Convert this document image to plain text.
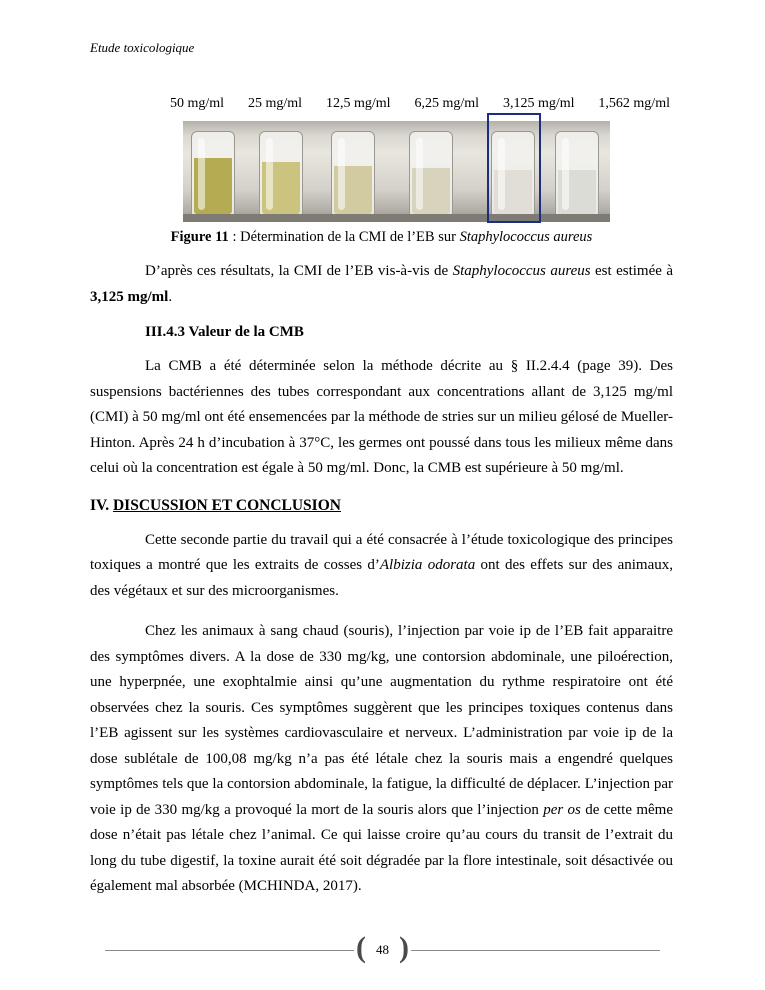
Etude toxicologique

50 mg/ml 25 mg/ml 12,5 mg/ml 6,25 mg/ml 3,125 mg/ml 1,562 mg/ml

Figure 11 : Détermination de la CMI de l’EB sur Staphylococcus aureus

D’après ces résultats, la CMI de l’EB vis-à-vis de Staphylococcus aureus est estimée à 3,125 mg/ml.

III.4.3 Valeur de la CMB

La CMB a été déterminée selon la méthode décrite au § II.2.4.4 (page 39). Des suspensions bactériennes des tubes correspondant aux concentrations allant de 3,125 mg/ml (CMI) à 50 mg/ml ont été ensemencées par la méthode de stries sur un milieu gélosé de Mueller-Hinton. Après 24 h d’incubation à 37°C, les germes ont poussé dans tous les milieux même dans celui où la concentration est égale à 50 mg/ml. Donc, la CMB est supérieure à 50 mg/ml.

IV. DISCUSSION ET CONCLUSION

Cette seconde partie du travail qui a été consacrée à l’étude toxicologique des principes toxiques a montré que les extraits de cosses d’Albizia odorata ont des effets sur des animaux, des végétaux et sur des microorganismes.

Chez les animaux à sang chaud (souris), l’injection par voie ip de l’EB fait apparaitre des symptômes divers. A la dose de 330 mg/kg, une contorsion abdominale, une piloérection, une hyperpnée, une exophtalmie ainsi qu’une augmentation du rythme respiratoire ont été observées chez la souris. Ces symptômes suggèrent que les principes toxiques contenus dans l’EB agissent sur les systèmes cardiovasculaire et nerveux. L’administration par voie ip de la dose sublétale de 100,08 mg/kg n’a pas été létale chez la souris mais a engendré quelques symptômes tels que la contorsion abdominale, la fatigue, la difficulté de déplacer. L’injection par voie ip de 330 mg/kg a provoqué la mort de la souris alors que l’injection per os de cette même dose n’était pas létale chez l’animal. Ce qui laisse croire qu’au cours du transit de l’extrait du long du tube digestif, la toxine aurait été soit dégradée par la flore intestinale, soit désactivée ou également mal absorbée (MCHINDA, 2017).

( 48 )
